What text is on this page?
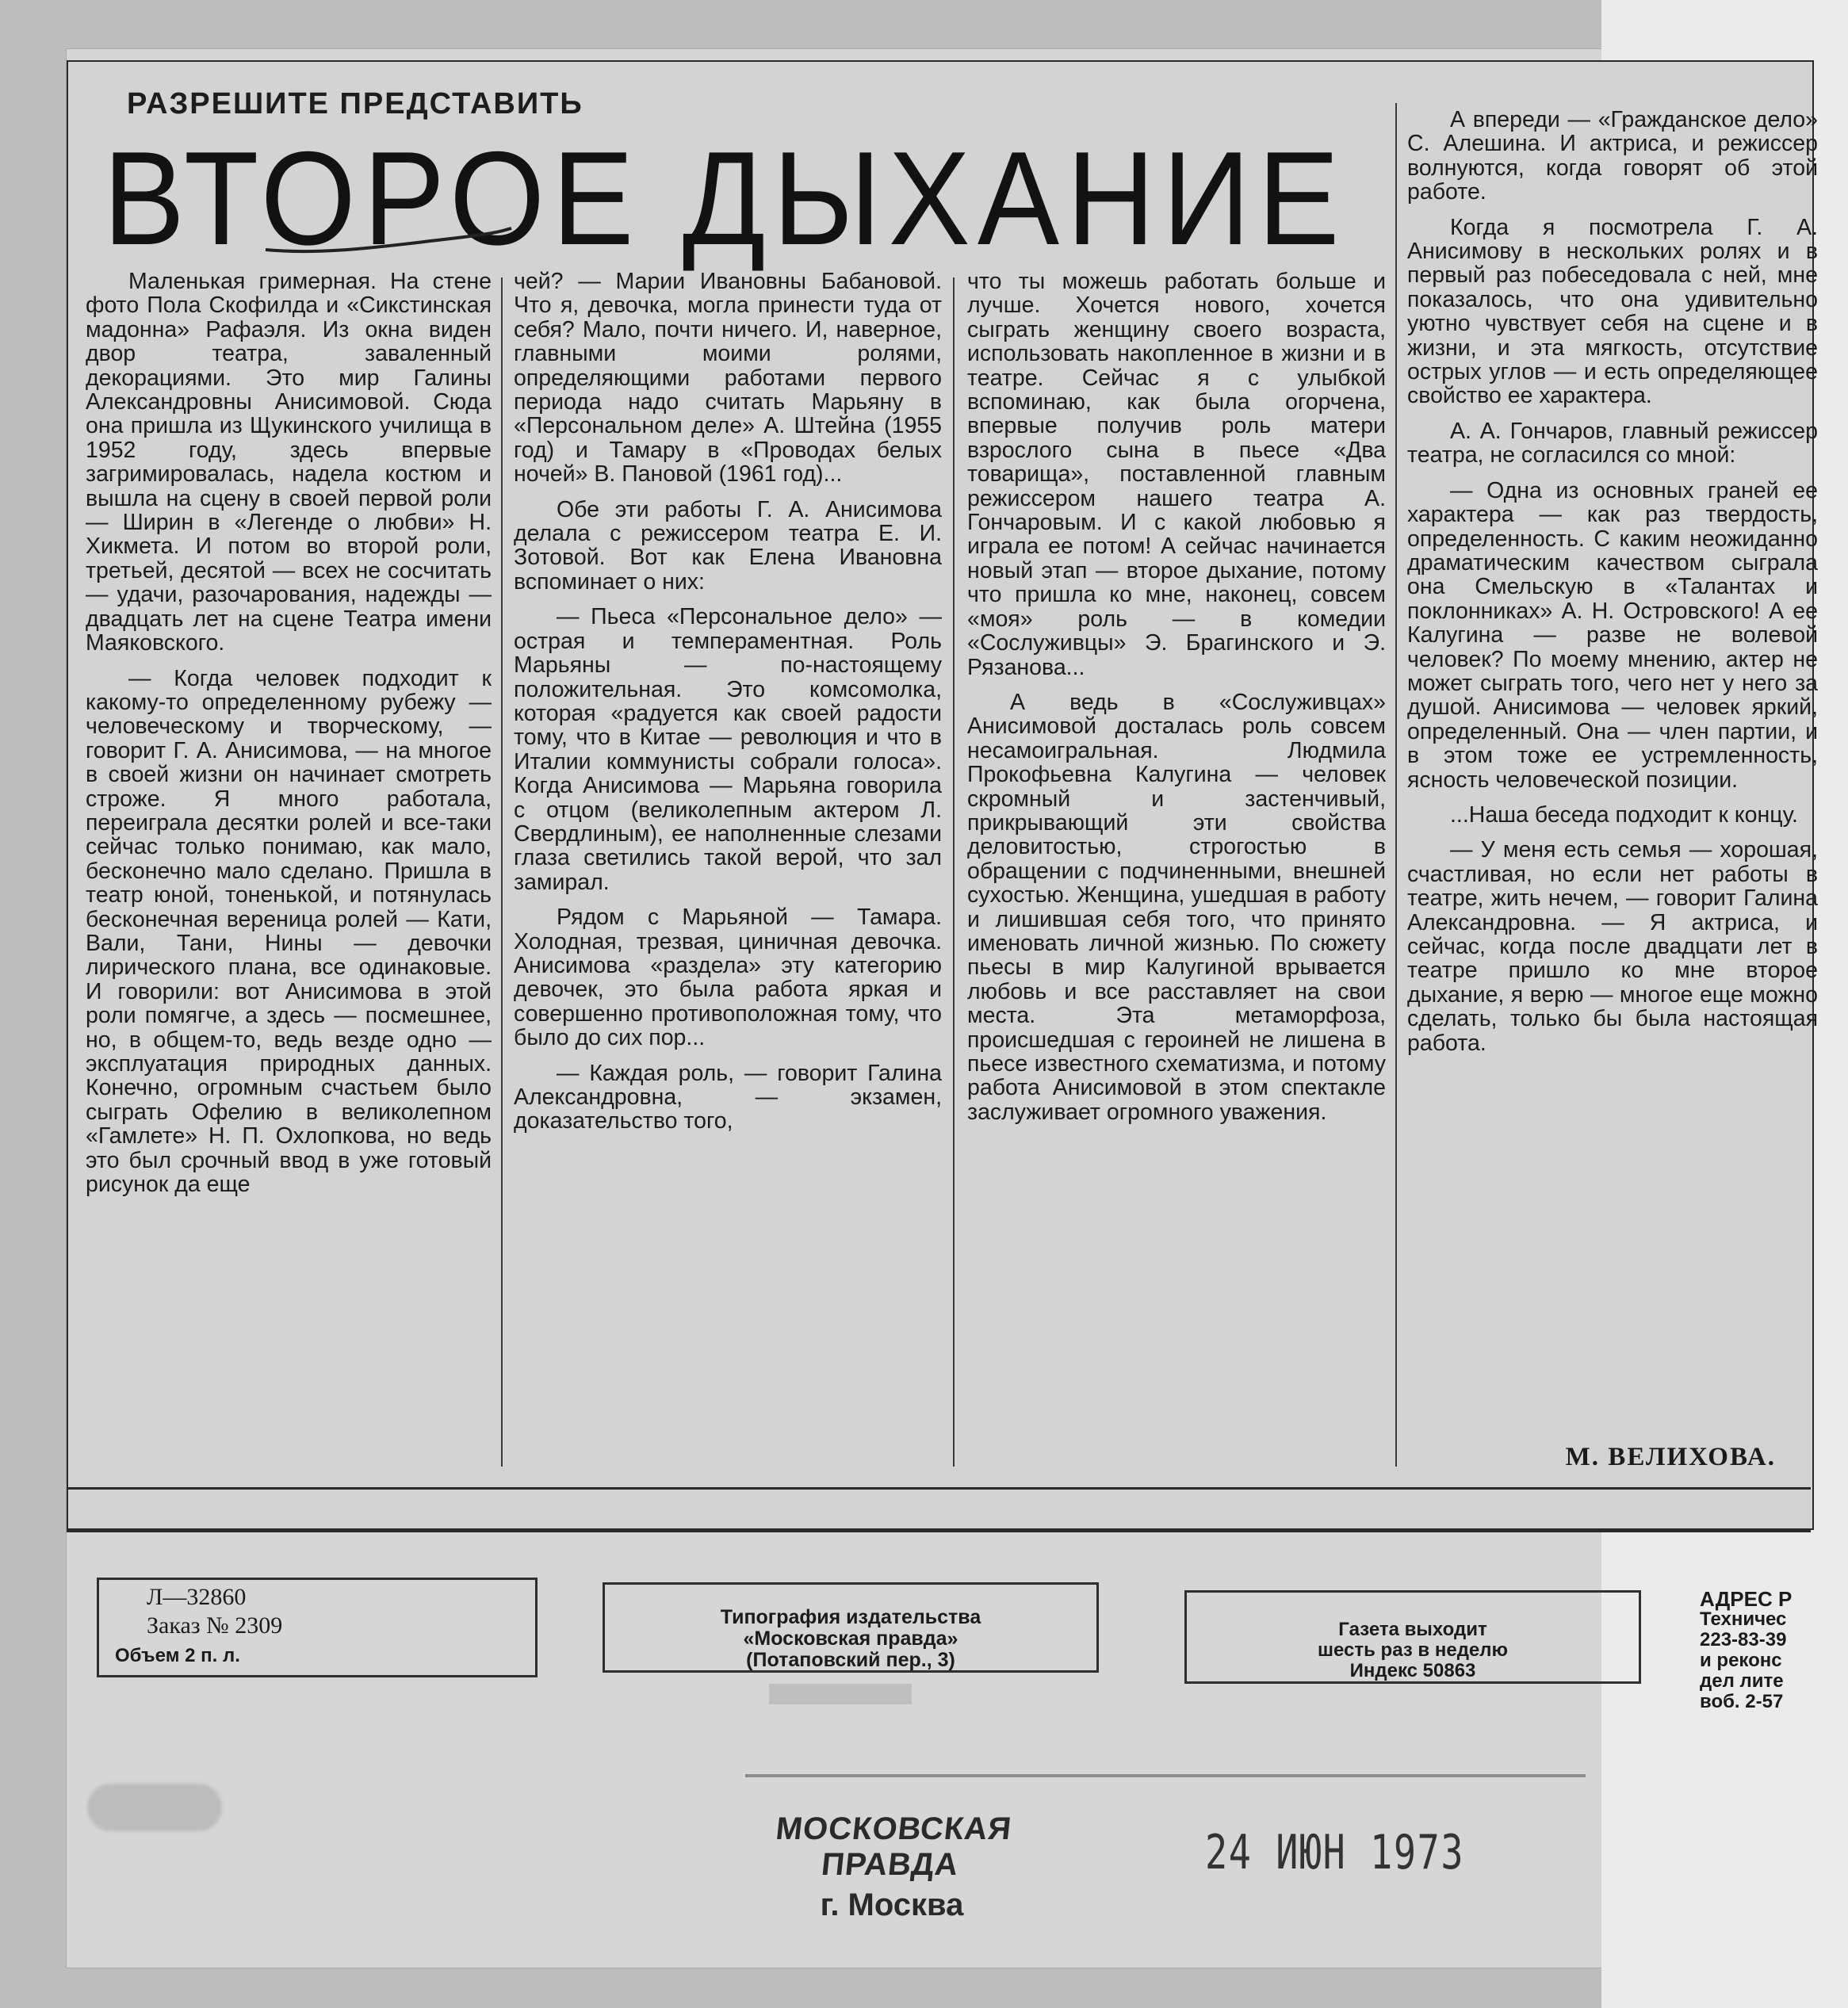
РАЗРЕШИТЕ ПРЕДСТАВИТЬ
ВТОРОЕ ДЫХАНИЕ

Маленькая гримерная. На стене фото Пола Скофилда и «Сикстинская мадонна» Рафаэля. Из окна виден двор театра, заваленный декорациями. Это мир Галины Александровны Анисимовой. Сюда она пришла из Щукинского училища в 1952 году, здесь впервые загримировалась, надела костюм и вышла на сцену в своей первой роли — Ширин в «Легенде о любви» Н. Хикмета. И потом во второй роли, третьей, десятой — всех не сосчитать — удачи, разочарования, надежды — двадцать лет на сцене Театра имени Маяковского.

— Когда человек подходит к какому-то определенному рубежу — человеческому и творческому, — говорит Г. А. Анисимова, — на многое в своей жизни он начинает смотреть строже. Я много работала, переиграла десятки ролей и все-таки сейчас только понимаю, как мало, бесконечно мало сделано. Пришла в театр юной, тоненькой, и потянулась бесконечная вереница ролей — Кати, Вали, Тани, Нины — девочки лирического плана, все одинаковые. И говорили: вот Анисимова в этой роли помягче, а здесь — посмешнее, но, в общем-то, ведь везде одно — эксплуатация природных данных. Конечно, огромным счастьем было сыграть Офелию в великолепном «Гамлете» Н. П. Охлопкова, но ведь это был срочный ввод в уже готовый рисунок да еще

чей? — Марии Ивановны Бабановой. Что я, девочка, могла принести туда от себя? Мало, почти ничего. И, наверное, главными моими ролями, определяющими работами первого периода надо считать Марьяну в «Персональном деле» А. Штейна (1955 год) и Тамару в «Проводах белых ночей» В. Пановой (1961 год)...

Обе эти работы Г. А. Анисимова делала с режиссером театра Е. И. Зотовой. Вот как Елена Ивановна вспоминает о них:

— Пьеса «Персональное дело» — острая и темпераментная. Роль Марьяны — по-настоящему положительная. Это комсомолка, которая «радуется как своей радости тому, что в Китае — революция и что в Италии коммунисты собрали голоса». Когда Анисимова — Марьяна говорила с отцом (великолепным актером Л. Свердлиным), ее наполненные слезами глаза светились такой верой, что зал замирал.

Рядом с Марьяной — Тамара. Холодная, трезвая, циничная девочка. Анисимова «раздела» эту категорию девочек, это была работа яркая и совершенно противоположная тому, что было до сих пор...

— Каждая роль, — говорит Галина Александровна, — экзамен, доказательство того,

что ты можешь работать больше и лучше. Хочется нового, хочется сыграть женщину своего возраста, использовать накопленное в жизни и в театре. Сейчас я с улыбкой вспоминаю, как была огорчена, впервые получив роль матери взрослого сына в пьесе «Два товарища», поставленной главным режиссером нашего театра А. Гончаровым. И с какой любовью я играла ее потом! А сейчас начинается новый этап — второе дыхание, потому что пришла ко мне, наконец, совсем «моя» роль — в комедии «Сослуживцы» Э. Брагинского и Э. Рязанова...

А ведь в «Сослуживцах» Анисимовой досталась роль совсем несамоигральная. Людмила Прокофьевна Калугина — человек скромный и застенчивый, прикрывающий эти свойства деловитостью, строгостью в обращении с подчиненными, внешней сухостью. Женщина, ушедшая в работу и лишившая себя того, что принято именовать личной жизнью. По сюжету пьесы в мир Калугиной врывается любовь и все расставляет на свои места. Эта метаморфоза, происшедшая с героиней не лишена в пьесе известного схематизма, и потому работа Анисимовой в этом спектакле заслуживает огромного уважения.

А впереди — «Гражданское дело» С. Алешина. И актриса, и режиссер волнуются, когда говорят об этой работе.

Когда я посмотрела Г. А. Анисимову в нескольких ролях и в первый раз побеседовала с ней, мне показалось, что она удивительно уютно чувствует себя на сцене и в жизни, и эта мягкость, отсутствие острых углов — и есть определяющее свойство ее характера.

А. А. Гончаров, главный режиссер театра, не согласился со мной:

— Одна из основных граней ее характера — как раз твердость, определенность. С каким неожиданно драматическим качеством сыграла она Смельскую в «Талантах и поклонниках» А. Н. Островского! А ее Калугина — разве не волевой человек? По моему мнению, актер не может сыграть того, чего нет у него за душой. Анисимова — человек яркий, определенный. Она — член партии, и в этом тоже ее устремленность, ясность человеческой позиции.

...Наша беседа подходит к концу.

— У меня есть семья — хорошая, счастливая, но если нет работы в театре, жить нечем, — говорит Галина Александровна. — Я актриса, и сейчас, когда после двадцати лет в театре пришло ко мне второе дыхание, я верю — многое еще можно сделать, только бы была настоящая работа.

М. ВЕЛИХОВА.
Л—32860
Заказ № 2309
Объем 2 п. л.
Типография издательства
«Московская правда»
(Потаповский пер., 3)
Газета выходит
шесть раз в неделю
Индекс 50863
АДРЕС Р
Техничес
223-83-39
и реконс
дел лите
воб. 2-57
МОСКОВСКАЯ ПРАВДА
г. Москва
24 ИЮН 1973
